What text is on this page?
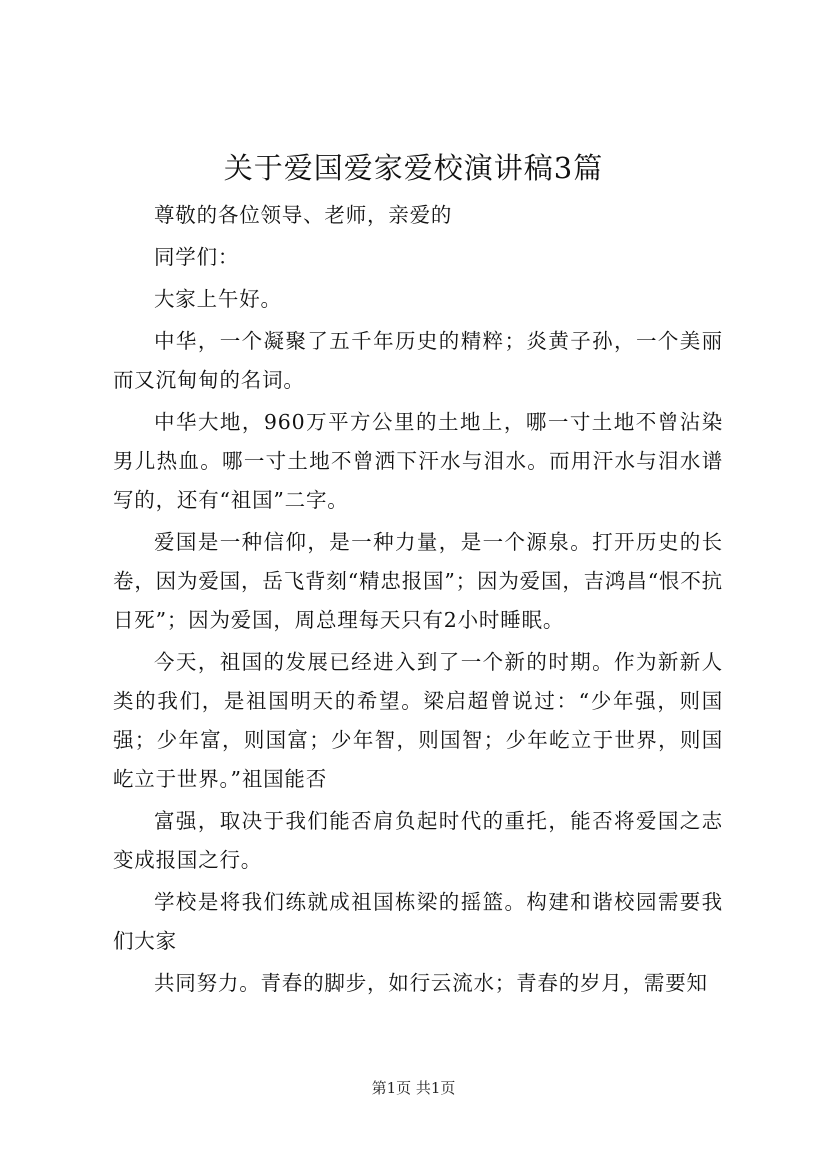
关于爱国爱家爱校演讲稿3篇

尊敬的各位领导、老师，亲爱的

同学们：

大家上午好。

中华，一个凝聚了五千年历史的精粹；炎黄子孙，一个美丽而又沉甸甸的名词。

中华大地，960万平方公里的土地上，哪一寸土地不曾沾染男儿热血。哪一寸土地不曾洒下汗水与泪水。而用汗水与泪水谱写的，还有“祖国”二字。

爱国是一种信仰，是一种力量，是一个源泉。打开历史的长卷，因为爱国，岳飞背刻“精忠报国”；因为爱国，吉鸿昌“恨不抗日死”；因为爱国，周总理每天只有2小时睡眠。

今天，祖国的发展已经进入到了一个新的时期。作为新新人类的我们，是祖国明天的希望。梁启超曾说过：“少年强，则国强；少年富，则国富；少年智，则国智；少年屹立于世界，则国屹立于世界。”祖国能否

富强，取决于我们能否肩负起时代的重托，能否将爱国之志变成报国之行。

学校是将我们练就成祖国栋梁的摇篮。构建和谐校园需要我们大家

共同努力。青春的脚步，如行云流水；青春的岁月，需要知

第1页 共1页
